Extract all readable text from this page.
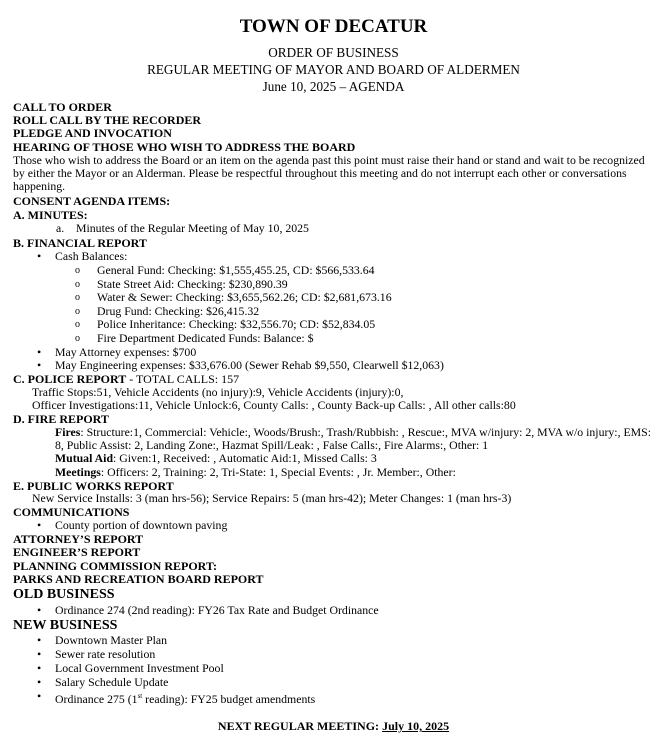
TOWN OF DECATUR
ORDER OF BUSINESS
REGULAR MEETING OF MAYOR AND BOARD OF ALDERMEN
June 10, 2025 – AGENDA
CALL TO ORDER
ROLL CALL BY THE RECORDER
PLEDGE AND INVOCATION
HEARING OF THOSE WHO WISH TO ADDRESS THE BOARD
Those who wish to address the Board or an item on the agenda past this point must raise their hand or stand and wait to be recognized by either the Mayor or an Alderman. Please be respectful throughout this meeting and do not interrupt each other or conversations happening.
CONSENT AGENDA ITEMS:
A. MINUTES:
a. Minutes of the Regular Meeting of May 10, 2025
B. FINANCIAL REPORT
• Cash Balances:
o General Fund: Checking: $1,555,455.25, CD: $566,533.64
o State Street Aid: Checking: $230,890.39
o Water & Sewer: Checking: $3,655,562.26; CD: $2,681,673.16
o Drug Fund: Checking: $26,415.32
o Police Inheritance: Checking: $32,556.70; CD: $52,834.05
o Fire Department Dedicated Funds: Balance: $
• May Attorney expenses: $700
• May Engineering expenses: $33,676.00 (Sewer Rehab $9,550, Clearwell $12,063)
C. POLICE REPORT - TOTAL CALLS: 157
Traffic Stops:51, Vehicle Accidents (no injury):9, Vehicle Accidents (injury):0,
Officer Investigations:11, Vehicle Unlock:6, County Calls: , County Back-up Calls: , All other calls:80
D. FIRE REPORT
Fires: Structure:1, Commercial: Vehicle:, Woods/Brush:, Trash/Rubbish: , Rescue:, MVA w/injury: 2, MVA w/o injury:, EMS:
8, Public Assist: 2, Landing Zone:, Hazmat Spill/Leak: , False Calls:, Fire Alarms:, Other: 1
Mutual Aid: Given:1, Received: , Automatic Aid:1, Missed Calls: 3
Meetings: Officers: 2, Training: 2, Tri-State: 1, Special Events: , Jr. Member:, Other:
E. PUBLIC WORKS REPORT
New Service Installs: 3 (man hrs-56); Service Repairs: 5 (man hrs-42); Meter Changes: 1 (man hrs-3)
COMMUNICATIONS
• County portion of downtown paving
ATTORNEY’S REPORT
ENGINEER’S REPORT
PLANNING COMMISSION REPORT:
PARKS AND RECREATION BOARD REPORT
OLD BUSINESS
• Ordinance 274 (2nd reading): FY26 Tax Rate and Budget Ordinance
NEW BUSINESS
• Downtown Master Plan
• Sewer rate resolution
• Local Government Investment Pool
• Salary Schedule Update
• Ordinance 275 (1st reading): FY25 budget amendments
NEXT REGULAR MEETING: July 10, 2025
